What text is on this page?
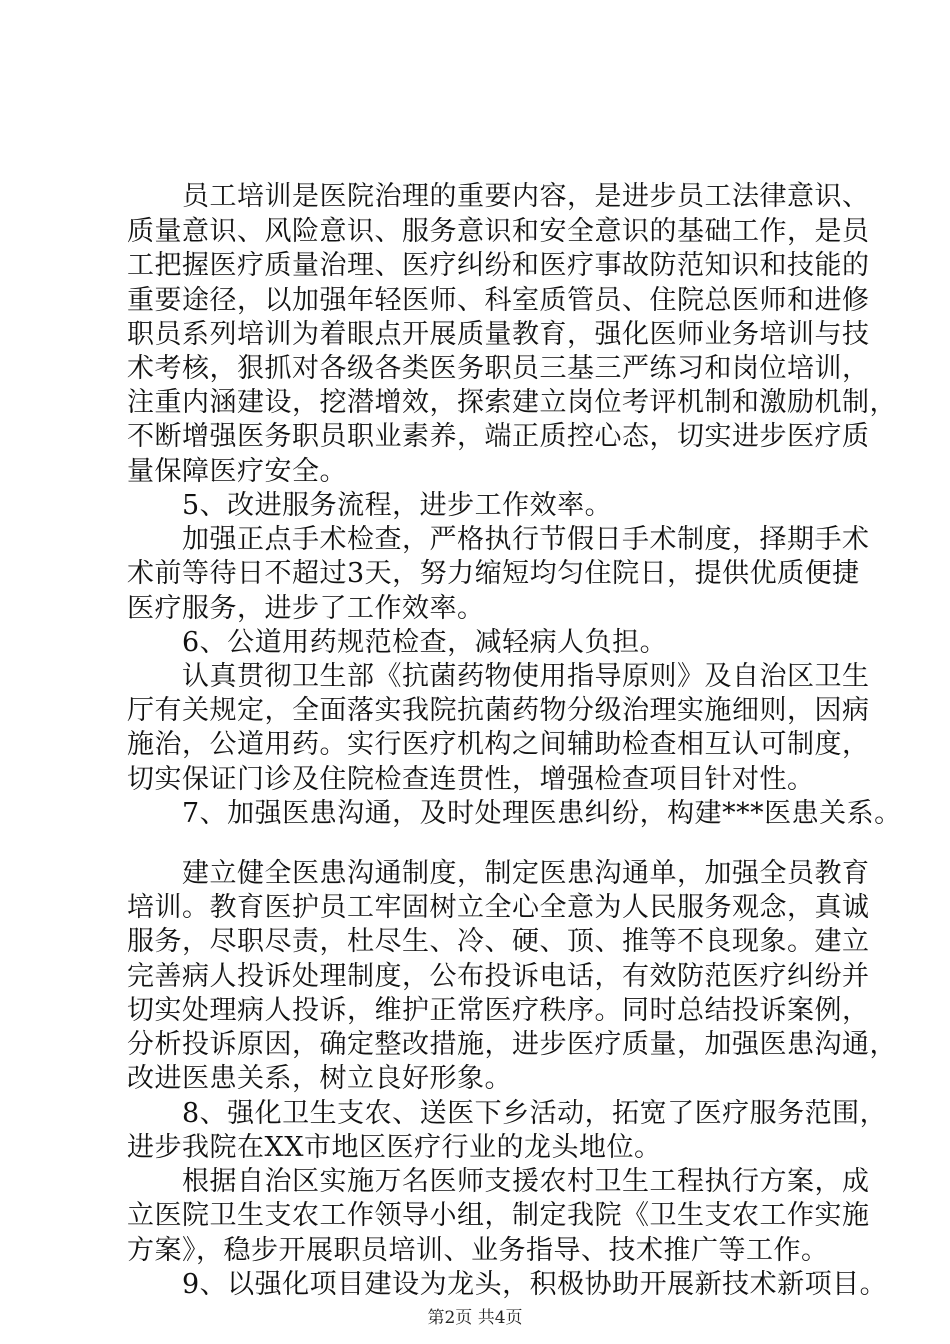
员工培训是医院治理的重要内容，是进步员工法律意识、
质量意识、风险意识、服务意识和安全意识的基础工作，是员
工把握医疗质量治理、医疗纠纷和医疗事故防范知识和技能的
重要途径，以加强年轻医师、科室质管员、住院总医师和进修
职员系列培训为着眼点开展质量教育，强化医师业务培训与技
术考核，狠抓对各级各类医务职员三基三严练习和岗位培训，
注重内涵建设，挖潜增效，探索建立岗位考评机制和激励机制，
不断增强医务职员职业素养，端正质控心态，切实进步医疗质
量保障医疗安全。
5、改进服务流程，进步工作效率。
加强正点手术检查，严格执行节假日手术制度，择期手术
术前等待日不超过3天，努力缩短均匀住院日，提供优质便捷
医疗服务，进步了工作效率。
6、公道用药规范检查，减轻病人负担。
认真贯彻卫生部《抗菌药物使用指导原则》及自治区卫生
厅有关规定，全面落实我院抗菌药物分级治理实施细则，因病
施治，公道用药。实行医疗机构之间辅助检查相互认可制度，
切实保证门诊及住院检查连贯性，增强检查项目针对性。
7、加强医患沟通，及时处理医患纠纷，构建***医患关系。
建立健全医患沟通制度，制定医患沟通单，加强全员教育
培训。教育医护员工牢固树立全心全意为人民服务观念，真诚
服务，尽职尽责，杜尽生、冷、硬、顶、推等不良现象。建立
完善病人投诉处理制度，公布投诉电话，有效防范医疗纠纷并
切实处理病人投诉，维护正常医疗秩序。同时总结投诉案例，
分析投诉原因，确定整改措施，进步医疗质量，加强医患沟通，
改进医患关系，树立良好形象。
8、强化卫生支农、送医下乡活动，拓宽了医疗服务范围，
进步我院在XX市地区医疗行业的龙头地位。
根据自治区实施万名医师支援农村卫生工程执行方案，成
立医院卫生支农工作领导小组，制定我院《卫生支农工作实施
方案》，稳步开展职员培训、业务指导、技术推广等工作。
9、以强化项目建设为龙头，积极协助开展新技术新项目。
第2页 共4页
